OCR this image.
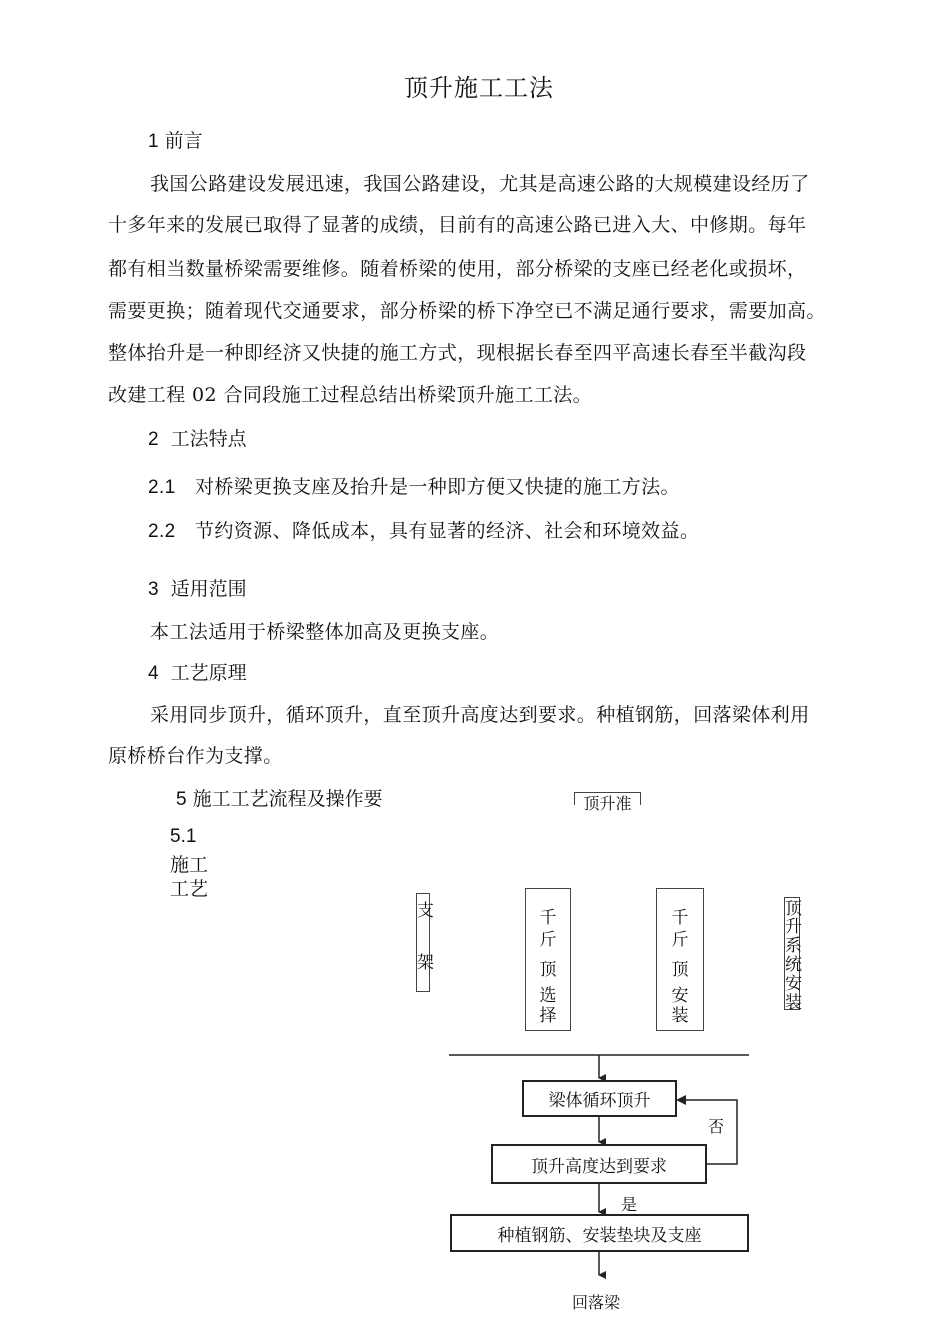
顶升施工工法
1 前言
我国公路建设发展迅速，我国公路建设，尤其是高速公路的大规模建设经历了
十多年来的发展已取得了显著的成绩，目前有的高速公路已进入大、中修期。每年
都有相当数量桥梁需要维修。随着桥梁的使用，部分桥梁的支座已经老化或损坏，
需要更换；随着现代交通要求，部分桥梁的桥下净空已不满足通行要求，需要加高。
整体抬升是一种即经济又快捷的施工方式，现根据长春至四平高速长春至半截沟段
改建工程 02 合同段施工过程总结出桥梁顶升施工工法。
2 工法特点
2.1 对桥梁更换支座及抬升是一种即方便又快捷的施工方法。
2.2 节约资源、降低成本，具有显著的经济、社会和环境效益。
3 适用范围
本工法适用于桥梁整体加高及更换支座。
4 工艺原理
采用同步顶升，循环顶升，直至顶升高度达到要求。种植钢筋，回落梁体利用
原桥桥台作为支撑。
5 施工工艺流程及操作要
5.1
施工
工艺
顶升准
支
架
千
斤
顶
选
择
千
斤
顶
安
装
顶
升
系
统
安
装
梁体循环顶升
顶升高度达到要求
否
是
种植钢筋、安装垫块及支座
回落梁
